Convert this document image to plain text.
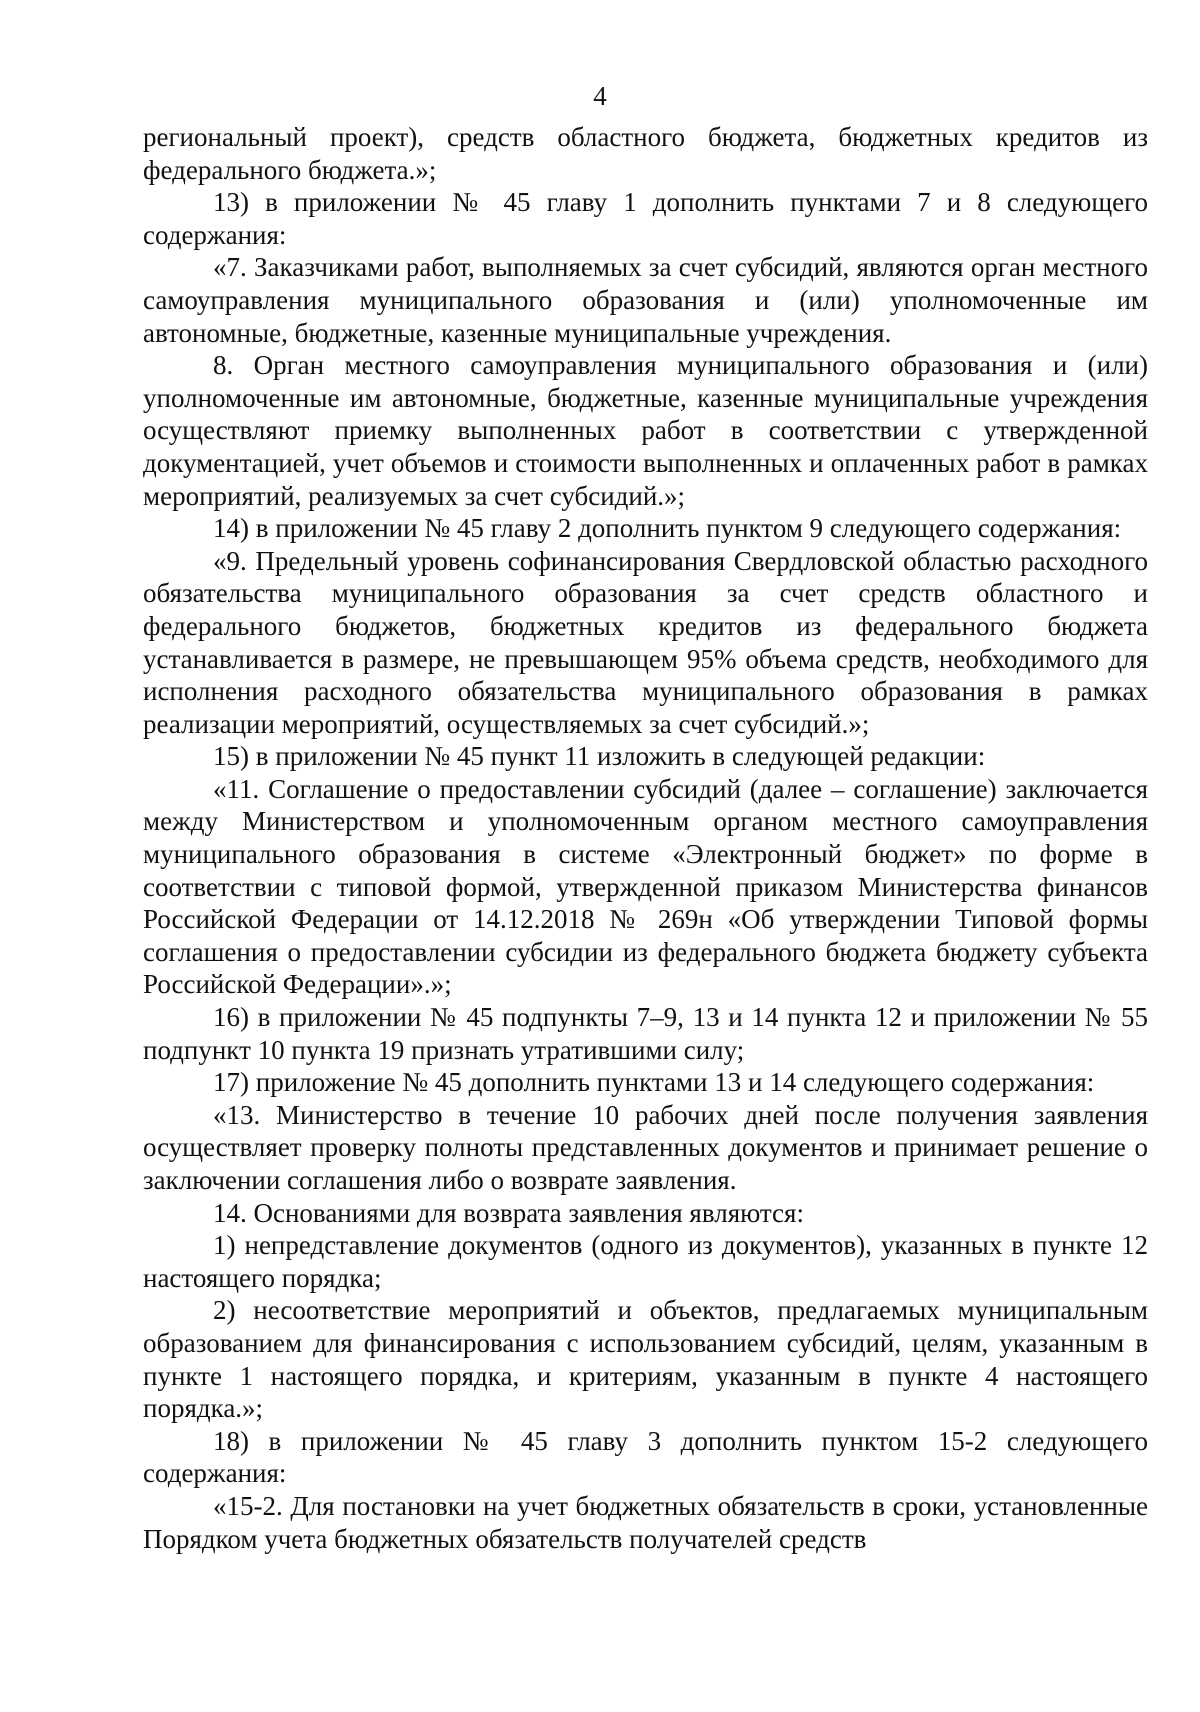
4

региональный проект), средств областного бюджета, бюджетных кредитов из федерального бюджета.»;

13) в приложении № 45 главу 1 дополнить пунктами 7 и 8 следующего содержания:

«7. Заказчиками работ, выполняемых за счет субсидий, являются орган местного самоуправления муниципального образования и (или) уполномоченные им автономные, бюджетные, казенные муниципальные учреждения.

8. Орган местного самоуправления муниципального образования и (или) уполномоченные им автономные, бюджетные, казенные муниципальные учреждения осуществляют приемку выполненных работ в соответствии с утвержденной документацией, учет объемов и стоимости выполненных и оплаченных работ в рамках мероприятий, реализуемых за счет субсидий.»;

14) в приложении № 45 главу 2 дополнить пунктом 9 следующего содержания:

«9. Предельный уровень софинансирования Свердловской областью расходного обязательства муниципального образования за счет средств областного и федерального бюджетов, бюджетных кредитов из федерального бюджета устанавливается в размере, не превышающем 95% объема средств, необходимого для исполнения расходного обязательства муниципального образования в рамках реализации мероприятий, осуществляемых за счет субсидий.»;

15) в приложении № 45 пункт 11 изложить в следующей редакции:

«11. Соглашение о предоставлении субсидий (далее – соглашение) заключается между Министерством и уполномоченным органом местного самоуправления муниципального образования в системе «Электронный бюджет» по форме в соответствии с типовой формой, утвержденной приказом Министерства финансов Российской Федерации от 14.12.2018 № 269н «Об утверждении Типовой формы соглашения о предоставлении субсидии из федерального бюджета бюджету субъекта Российской Федерации».»;

16) в приложении № 45 подпункты 7–9, 13 и 14 пункта 12 и приложении № 55 подпункт 10 пункта 19 признать утратившими силу;

17) приложение № 45 дополнить пунктами 13 и 14 следующего содержания:

«13. Министерство в течение 10 рабочих дней после получения заявления осуществляет проверку полноты представленных документов и принимает решение о заключении соглашения либо о возврате заявления.

14. Основаниями для возврата заявления являются:

1) непредставление документов (одного из документов), указанных в пункте 12 настоящего порядка;

2) несоответствие мероприятий и объектов, предлагаемых муниципальным образованием для финансирования с использованием субсидий, целям, указанным в пункте 1 настоящего порядка, и критериям, указанным в пункте 4 настоящего порядка.»;

18) в приложении № 45 главу 3 дополнить пунктом 15-2 следующего содержания:

«15-2. Для постановки на учет бюджетных обязательств в сроки, установленные Порядком учета бюджетных обязательств получателей средств
